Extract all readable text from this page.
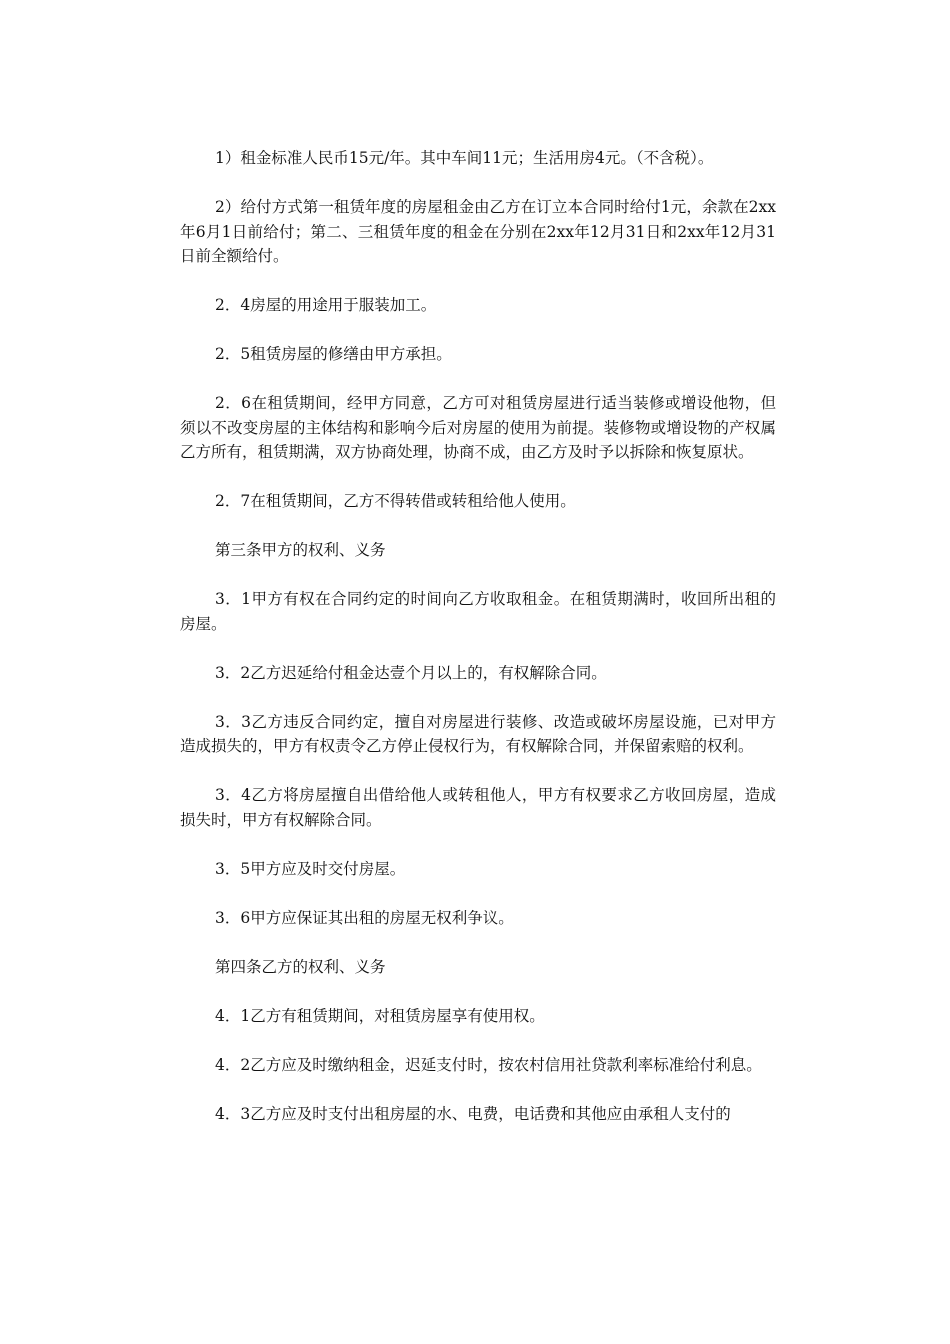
1）租金标准人民币15元/年。其中车间11元；生活用房4元。（不含税）。

2）给付方式第一租赁年度的房屋租金由乙方在订立本合同时给付1元，余款在2xx年6月1日前给付；第二、三租赁年度的租金在分别在2xx年12月31日和2xx年12月31日前全额给付。

2．4房屋的用途用于服装加工。

2．5租赁房屋的修缮由甲方承担。

2．6在租赁期间，经甲方同意，乙方可对租赁房屋进行适当装修或增设他物，但须以不改变房屋的主体结构和影响今后对房屋的使用为前提。装修物或增设物的产权属乙方所有，租赁期满，双方协商处理，协商不成，由乙方及时予以拆除和恢复原状。

2．7在租赁期间，乙方不得转借或转租给他人使用。

第三条甲方的权利、义务

3．1甲方有权在合同约定的时间向乙方收取租金。在租赁期满时，收回所出租的房屋。

3．2乙方迟延给付租金达壹个月以上的，有权解除合同。

3．3乙方违反合同约定，擅自对房屋进行装修、改造或破坏房屋设施，已对甲方造成损失的，甲方有权责令乙方停止侵权行为，有权解除合同，并保留索赔的权利。

3．4乙方将房屋擅自出借给他人或转租他人，甲方有权要求乙方收回房屋，造成损失时，甲方有权解除合同。

3．5甲方应及时交付房屋。

3．6甲方应保证其出租的房屋无权利争议。

第四条乙方的权利、义务

4．1乙方有租赁期间，对租赁房屋享有使用权。

4．2乙方应及时缴纳租金，迟延支付时，按农村信用社贷款利率标准给付利息。

4．3乙方应及时支付出租房屋的水、电费，电话费和其他应由承租人支付的
